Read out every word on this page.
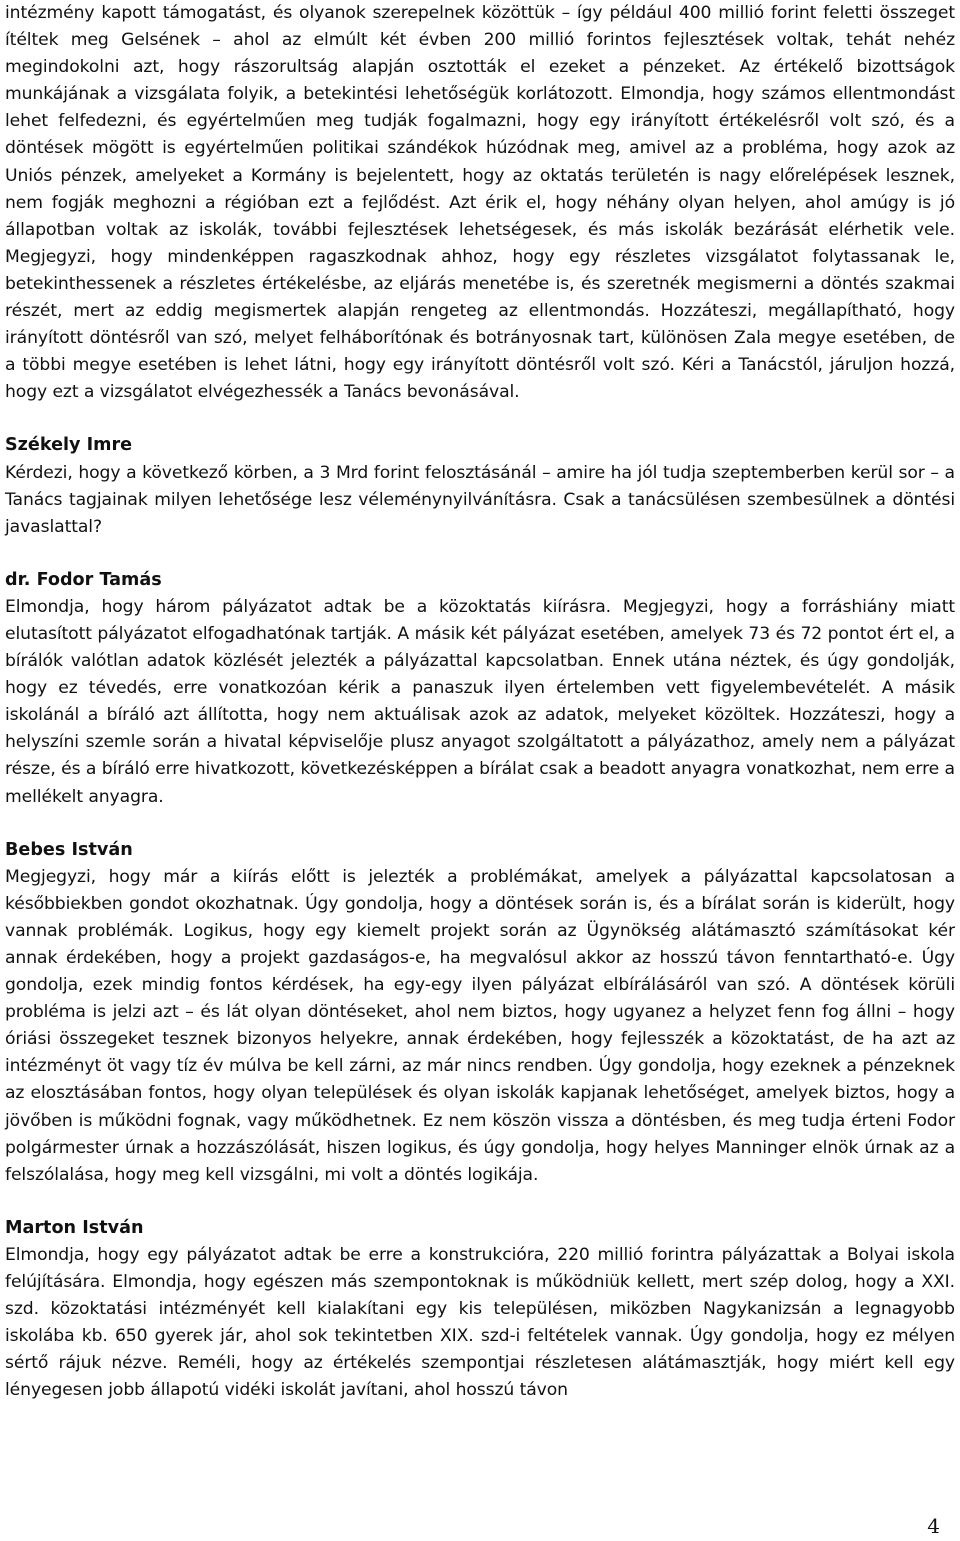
intézmény kapott támogatást, és olyanok szerepelnek közöttük – így például 400 millió forint feletti összeget ítéltek meg Gelsének – ahol az elmúlt két évben 200 millió forintos fejlesztések voltak, tehát nehéz megindokolni azt, hogy rászorultság alapján osztották el ezeket a pénzeket. Az értékelő bizottságok munkájának a vizsgálata folyik, a betekintési lehetőségük korlátozott. Elmondja, hogy számos ellentmondást lehet felfedezni, és egyértelműen meg tudják fogalmazni, hogy egy irányított értékelésről volt szó, és a döntések mögött is egyértelműen politikai szándékok húzódnak meg, amivel az a probléma, hogy azok az Uniós pénzek, amelyeket a Kormány is bejelentett, hogy az oktatás területén is nagy előrelépések lesznek, nem fogják meghozni a régióban ezt a fejlődést. Azt érik el, hogy néhány olyan helyen, ahol amúgy is jó állapotban voltak az iskolák, további fejlesztések lehetségesek, és más iskolák bezárását elérhetik vele. Megjegyzi, hogy mindenképpen ragaszkodnak ahhoz, hogy egy részletes vizsgálatot folytassanak le, betekinthessenek a részletes értékelésbe, az eljárás menetébe is, és szeretnék megismerni a döntés szakmai részét, mert az eddig megismertek alapján rengeteg az ellentmondás. Hozzáteszi, megállapítható, hogy irányított döntésről van szó, melyet felháborítónak és botrányosnak tart, különösen Zala megye esetében, de a többi megye esetében is lehet látni, hogy egy irányított döntésről volt szó. Kéri a Tanácstól, járuljon hozzá, hogy ezt a vizsgálatot elvégezhessék a Tanács bevonásával.

Székely Imre

Kérdezi, hogy a következő körben, a 3 Mrd forint felosztásánál – amire ha jól tudja szeptemberben kerül sor – a Tanács tagjainak milyen lehetősége lesz véleménynyilvánításra. Csak a tanácsülésen szembesülnek a döntési javaslattal?

dr. Fodor Tamás

Elmondja, hogy három pályázatot adtak be a közoktatás kiírásra. Megjegyzi, hogy a forráshiány miatt elutasított pályázatot elfogadhatónak tartják. A másik két pályázat esetében, amelyek 73 és 72 pontot ért el, a bírálók valótlan adatok közlését jelezték a pályázattal kapcsolatban. Ennek utána néztek, és úgy gondolják, hogy ez tévedés, erre vonatkozóan kérik a panaszuk ilyen értelemben vett figyelembevételét. A másik iskolánál a bíráló azt állította, hogy nem aktuálisak azok az adatok, melyeket közöltek. Hozzáteszi, hogy a helyszíni szemle során a hivatal képviselője plusz anyagot szolgáltatott a pályázathoz, amely nem a pályázat része, és a bíráló erre hivatkozott, következésképpen a bírálat csak a beadott anyagra vonatkozhat, nem erre a mellékelt anyagra.

Bebes István

Megjegyzi, hogy már a kiírás előtt is jelezték a problémákat, amelyek a pályázattal kapcsolatosan a későbbiekben gondot okozhatnak. Úgy gondolja, hogy a döntések során is, és a bírálat során is kiderült, hogy vannak problémák. Logikus, hogy egy kiemelt projekt során az Ügynökség alátámasztó számításokat kér annak érdekében, hogy a projekt gazdaságos-e, ha megvalósul akkor az hosszú távon fenntartható-e. Úgy gondolja, ezek mindig fontos kérdések, ha egy-egy ilyen pályázat elbírálásáról van szó. A döntések körüli probléma is jelzi azt – és lát olyan döntéseket, ahol nem biztos, hogy ugyanez a helyzet fenn fog állni – hogy óriási összegeket tesznek bizonyos helyekre, annak érdekében, hogy fejlesszék a közoktatást, de ha azt az intézményt öt vagy tíz év múlva be kell zárni, az már nincs rendben. Úgy gondolja, hogy ezeknek a pénzeknek az elosztásában fontos, hogy olyan települések és olyan iskolák kapjanak lehetőséget, amelyek biztos, hogy a jövőben is működni fognak, vagy működhetnek. Ez nem köszön vissza a döntésben, és meg tudja érteni Fodor polgármester úrnak a hozzászólását, hiszen logikus, és úgy gondolja, hogy helyes Manninger elnök úrnak az a felszólalása, hogy meg kell vizsgálni, mi volt a döntés logikája.

Marton István

Elmondja, hogy egy pályázatot adtak be erre a konstrukcióra, 220 millió forintra pályázattak a Bolyai iskola felújítására. Elmondja, hogy egészen más szempontoknak is működniük kellett, mert szép dolog, hogy a XXI. szd. közoktatási intézményét kell kialakítani egy kis településen, miközben Nagykanizsán a legnagyobb iskolába kb. 650 gyerek jár, ahol sok tekintetben XIX. szd-i feltételek vannak. Úgy gondolja, hogy ez mélyen sértő rájuk nézve. Reméli, hogy az értékelés szempontjai részletesen alátámasztják, hogy miért kell egy lényegesen jobb állapotú vidéki iskolát javítani, ahol hosszú távon

4
